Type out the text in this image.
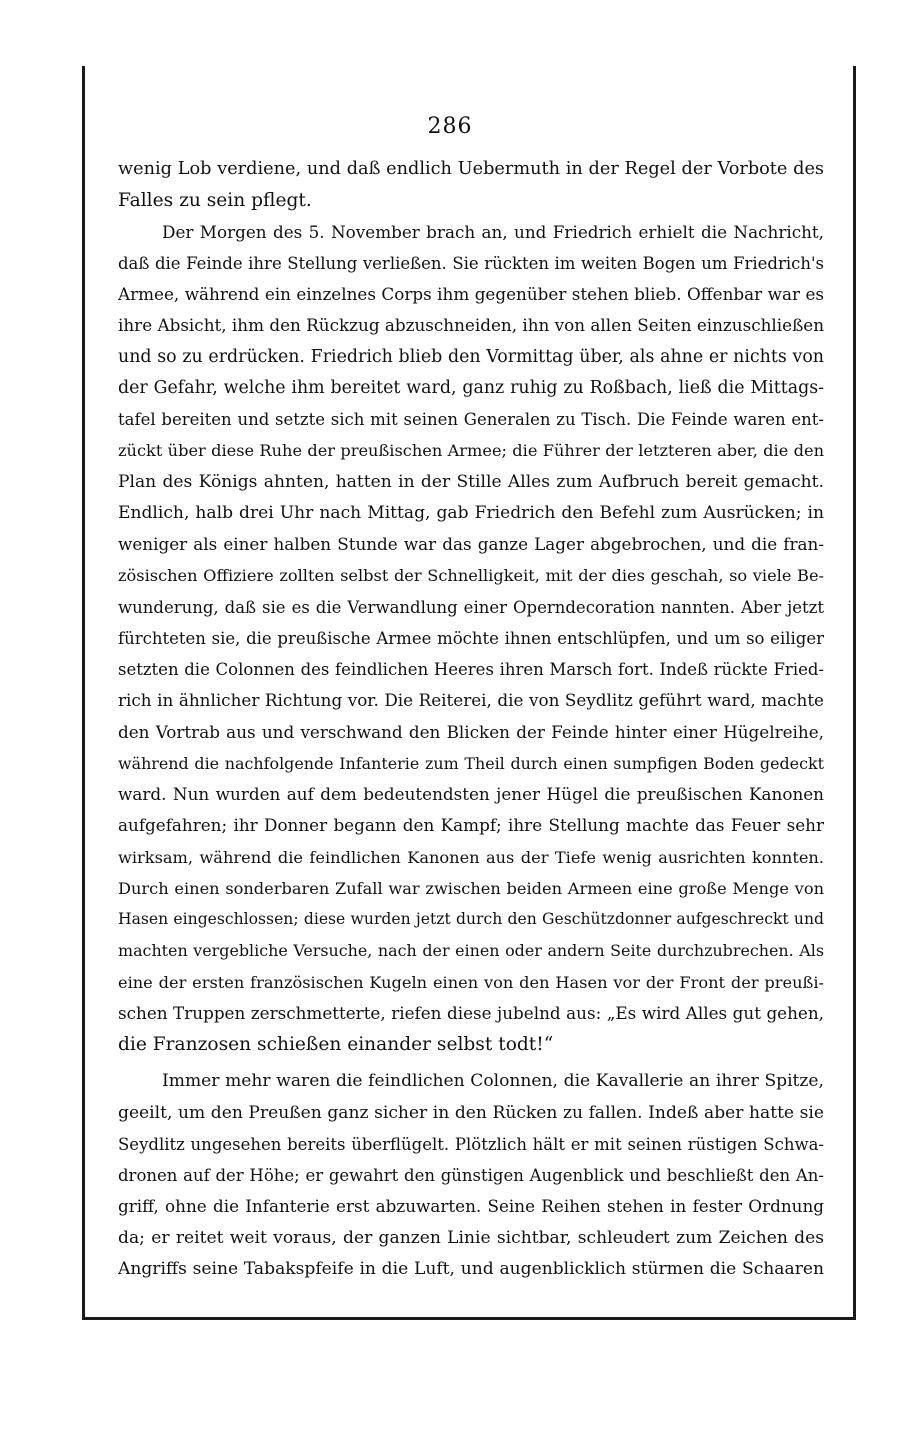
286
wenig Lob verdiene, und daß endlich Uebermuth in der Regel der Vorbote des
Falles zu sein pflegt.
Der Morgen des 5. November brach an, und Friedrich erhielt die Nachricht,
daß die Feinde ihre Stellung verließen. Sie rückten im weiten Bogen um Friedrich's
Armee, während ein einzelnes Corps ihm gegenüber stehen blieb. Offenbar war es
ihre Absicht, ihm den Rückzug abzuschneiden, ihn von allen Seiten einzuschließen
und so zu erdrücken. Friedrich blieb den Vormittag über, als ahne er nichts von
der Gefahr, welche ihm bereitet ward, ganz ruhig zu Roßbach, ließ die Mittags-
tafel bereiten und setzte sich mit seinen Generalen zu Tisch. Die Feinde waren ent-
zückt über diese Ruhe der preußischen Armee; die Führer der letzteren aber, die den
Plan des Königs ahnten, hatten in der Stille Alles zum Aufbruch bereit gemacht.
Endlich, halb drei Uhr nach Mittag, gab Friedrich den Befehl zum Ausrücken; in
weniger als einer halben Stunde war das ganze Lager abgebrochen, und die fran-
zösischen Offiziere zollten selbst der Schnelligkeit, mit der dies geschah, so viele Be-
wunderung, daß sie es die Verwandlung einer Operndecoration nannten. Aber jetzt
fürchteten sie, die preußische Armee möchte ihnen entschlüpfen, und um so eiliger
setzten die Colonnen des feindlichen Heeres ihren Marsch fort. Indeß rückte Fried-
rich in ähnlicher Richtung vor. Die Reiterei, die von Seydlitz geführt ward, machte
den Vortrab aus und verschwand den Blicken der Feinde hinter einer Hügelreihe,
während die nachfolgende Infanterie zum Theil durch einen sumpfigen Boden gedeckt
ward. Nun wurden auf dem bedeutendsten jener Hügel die preußischen Kanonen
aufgefahren; ihr Donner begann den Kampf; ihre Stellung machte das Feuer sehr
wirksam, während die feindlichen Kanonen aus der Tiefe wenig ausrichten konnten.
Durch einen sonderbaren Zufall war zwischen beiden Armeen eine große Menge von
Hasen eingeschlossen; diese wurden jetzt durch den Geschützdonner aufgeschreckt und
machten vergebliche Versuche, nach der einen oder andern Seite durchzubrechen. Als
eine der ersten französischen Kugeln einen von den Hasen vor der Front der preußi-
schen Truppen zerschmetterte, riefen diese jubelnd aus: „Es wird Alles gut gehen,
die Franzosen schießen einander selbst todt!“
Immer mehr waren die feindlichen Colonnen, die Kavallerie an ihrer Spitze,
geeilt, um den Preußen ganz sicher in den Rücken zu fallen. Indeß aber hatte sie
Seydlitz ungesehen bereits überflügelt. Plötzlich hält er mit seinen rüstigen Schwa-
dronen auf der Höhe; er gewahrt den günstigen Augenblick und beschließt den An-
griff, ohne die Infanterie erst abzuwarten. Seine Reihen stehen in fester Ordnung
da; er reitet weit voraus, der ganzen Linie sichtbar, schleudert zum Zeichen des
Angriffs seine Tabakspfeife in die Luft, und augenblicklich stürmen die Schaaren
